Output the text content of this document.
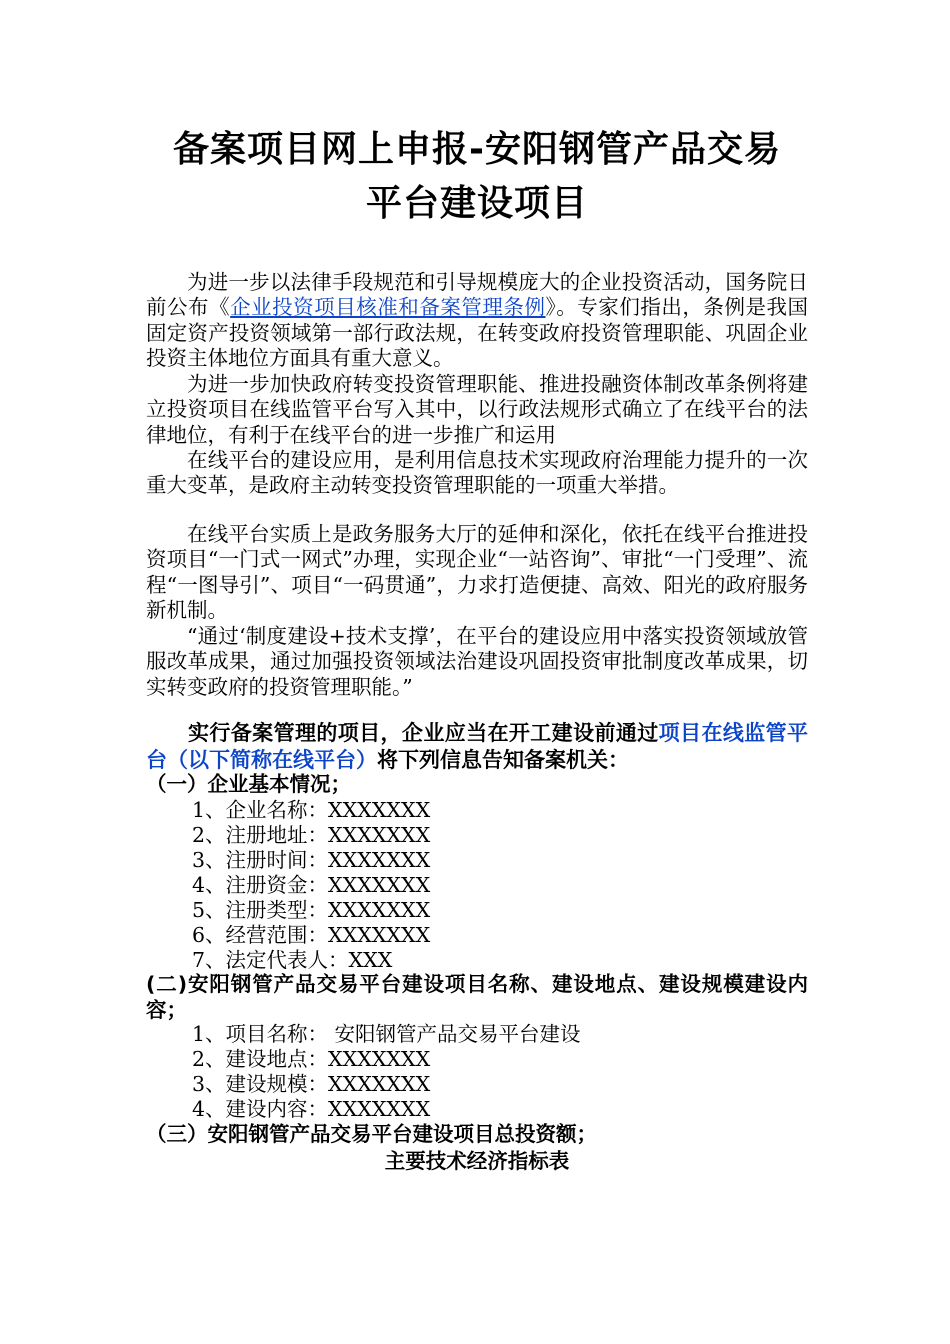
备案项目网上申报-安阳钢管产品交易
平台建设项目

为进一步以法律手段规范和引导规模庞大的企业投资活动，国务院日前公布《企业投资项目核准和备案管理条例》。专家们指出，条例是我国固定资产投资领域第一部行政法规，在转变政府投资管理职能、巩固企业投资主体地位方面具有重大意义。

为进一步加快政府转变投资管理职能、推进投融资体制改革条例将建立投资项目在线监管平台写入其中，以行政法规形式确立了在线平台的法律地位，有利于在线平台的进一步推广和运用

在线平台的建设应用，是利用信息技术实现政府治理能力提升的一次重大变革，是政府主动转变投资管理职能的一项重大举措。

在线平台实质上是政务服务大厅的延伸和深化，依托在线平台推进投资项目“一门式一网式”办理，实现企业“一站咨询”、审批“一门受理”、流程“一图导引”、项目“一码贯通”，力求打造便捷、高效、阳光的政府服务新机制。

“通过‘制度建设+技术支撑’，在平台的建设应用中落实投资领域放管服改革成果，通过加强投资领域法治建设巩固投资审批制度改革成果，切实转变政府的投资管理职能。”

实行备案管理的项目，企业应当在开工建设前通过项目在线监管平台（以下简称在线平台）将下列信息告知备案机关：

（一）企业基本情况；

1、企业名称：XXXXXXX

2、注册地址：XXXXXXX

3、注册时间：XXXXXXX

4、注册资金：XXXXXXX

5、注册类型：XXXXXXX

6、经营范围：XXXXXXX

7、法定代表人：XXX

(二)安阳钢管产品交易平台建设项目名称、建设地点、建设规模建设内容；

1、项目名称： 安阳钢管产品交易平台建设

2、建设地点：XXXXXXX

3、建设规模：XXXXXXX

4、建设内容：XXXXXXX

（三）安阳钢管产品交易平台建设项目总投资额；

主要技术经济指标表
